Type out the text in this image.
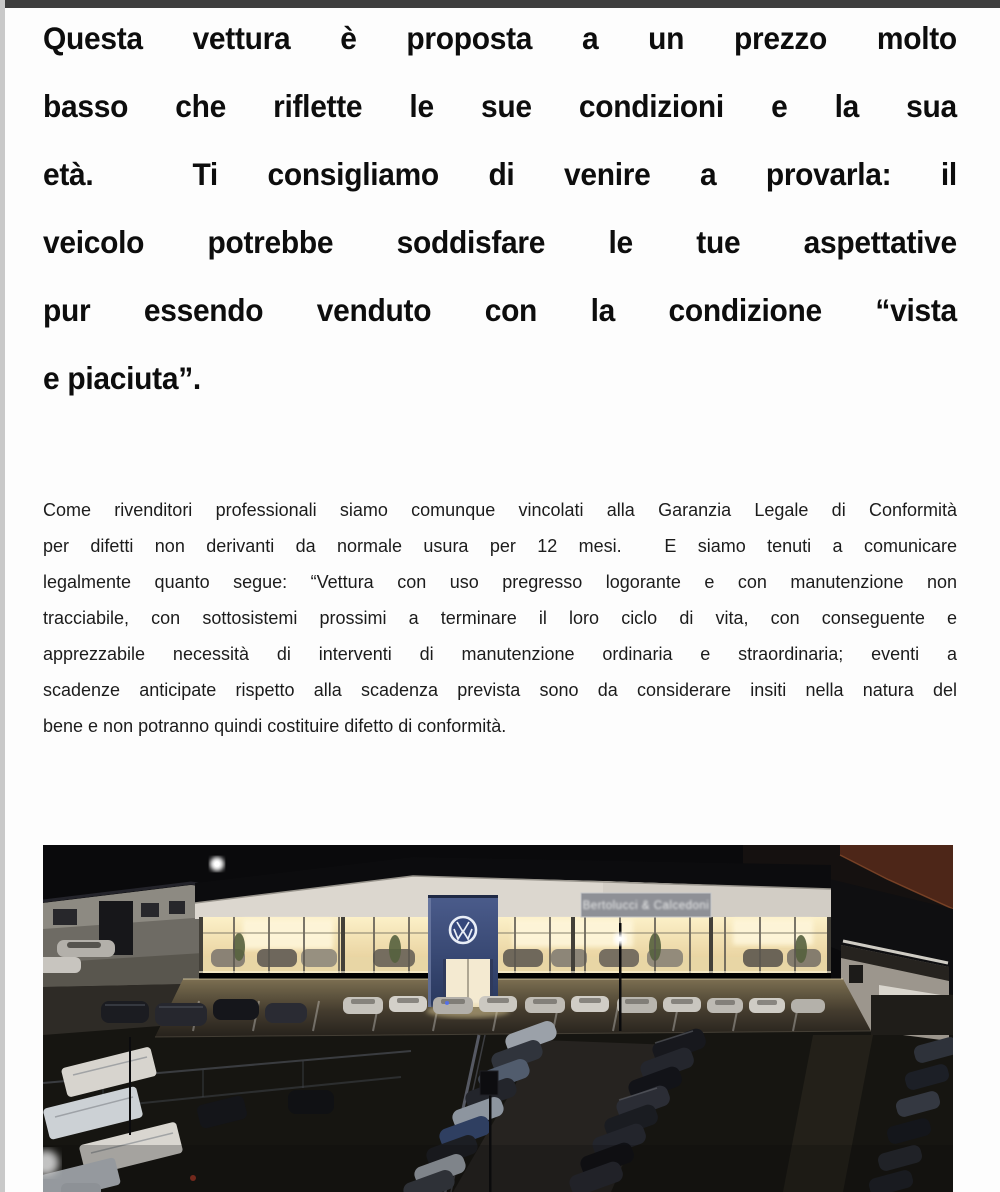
Questa vettura è proposta a un prezzo molto
basso che riflette le sue condizioni e la sua
età.  Ti consigliamo di venire a provarla: il
veicolo potrebbe soddisfare le tue aspettative
pur essendo venduto con la condizione “vista
e piaciuta”.
Come rivenditori professionali siamo comunque vincolati alla Garanzia Legale di Conformità
per difetti non derivanti da normale usura per 12 mesi.  E siamo tenuti a comunicare
legalmente quanto segue: “Vettura con uso pregresso logorante e con manutenzione non
tracciabile, con sottosistemi prossimi a terminare il loro ciclo di vita, con conseguente e
apprezzabile necessità di interventi di manutenzione ordinaria e straordinaria; eventi a
scadenze anticipate rispetto alla scadenza prevista sono da considerare insiti nella natura del
bene e non potranno quindi costituire difetto di conformità.
Bertolucci & Calcedoni
